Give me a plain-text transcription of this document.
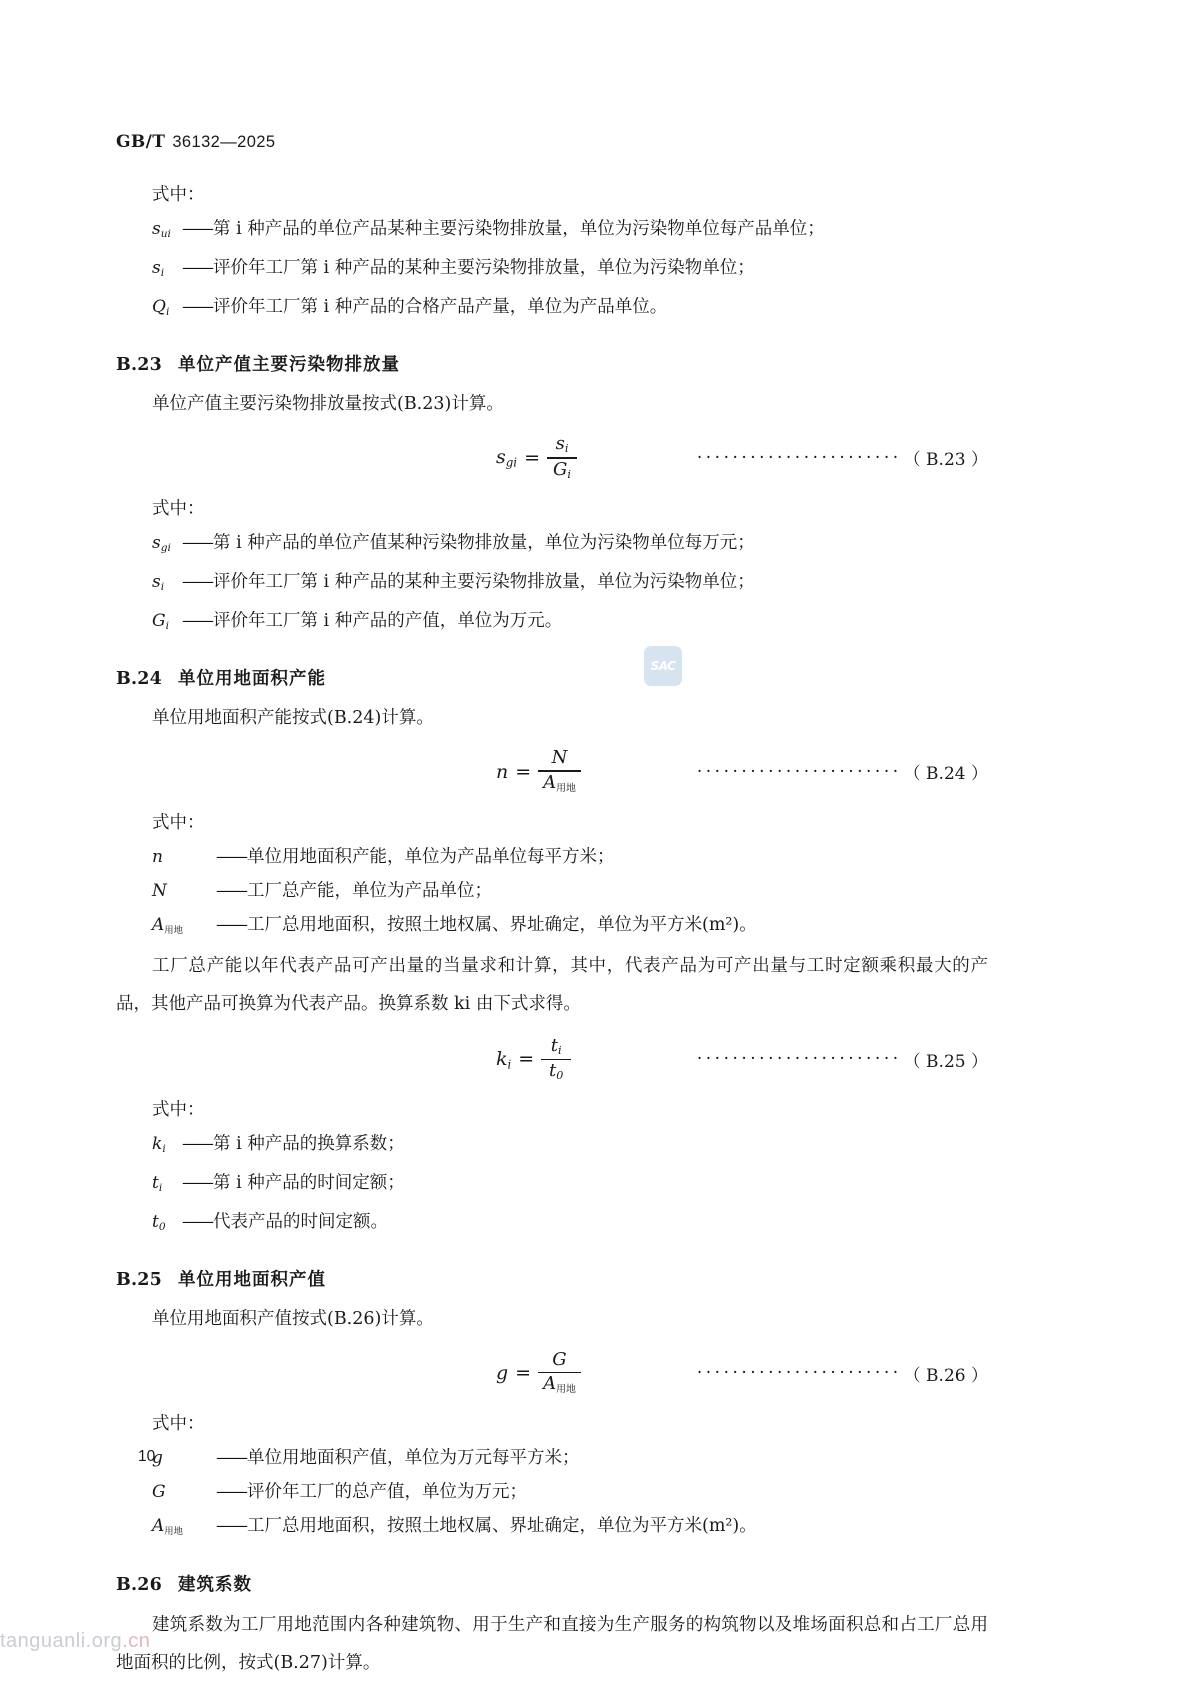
GB/T 36132—2025
SAC

式中：

$s_{ui}$ —— 第 i 种产品的单位产品某种主要污染物排放量，单位为污染物单位每产品单位；
$s_i$	—— 评价年工厂第 i 种产品的某种主要污染物排放量，单位为污染物单位；
$Q_i$ —— 评价年工厂第 i 种产品的合格产品产量，单位为产品单位。
B.23 单位产值主要污染物排放量

单位产值主要污染物排放量按式(B.23)计算。

$s_{gi} = \frac{s_i}{G_i}$	······················· （ B.23 ）

式中：

$s_{gi}$ —— 第 i 种产品的单位产值某种污染物排放量，单位为污染物单位每万元；
$s_i$	—— 评价年工厂第 i 种产品的某种主要污染物排放量，单位为污染物单位；
$G_i$ —— 评价年工厂第 i 种产品的产值，单位为万元。
B.24 单位用地面积产能

单位用地面积产能按式(B.24)计算。

$n = \frac{N}{A_{用地}}$	······················· （ B.24 ）

式中：

n	—— 单位用地面积产能，单位为产品单位每平方米；
N	—— 工厂总产能，单位为产品单位；
$A_{用地}$	—— 工厂总用地面积，按照土地权属、界址确定，单位为平方米(m²)。

工厂总产能以年代表产品可产出量的当量求和计算，其中，代表产品为可产出量与工时定额乘积最大的产品，其他产品可换算为代表产品。换算系数 ki 由下式求得。

$k_i = \frac{t_i}{t_0}$	······················· （ B.25 ）

式中：

$k_i$ —— 第 i 种产品的换算系数；
$t_i$	—— 第 i 种产品的时间定额；
$t_0$ —— 代表产品的时间定额。
B.25 单位用地面积产值

单位用地面积产值按式(B.26)计算。

$g = \frac{G}{A_{用地}}$	······················· （ B.26 ）

式中：

g	—— 单位用地面积产值，单位为万元每平方米；
G	—— 评价年工厂的总产值，单位为万元；
$A_{用地}$	—— 工厂总用地面积，按照土地权属、界址确定，单位为平方米(m²)。
B.26 建筑系数

建筑系数为工厂用地范围内各种建筑物、用于生产和直接为生产服务的构筑物以及堆场面积总和占工厂总用地面积的比例，按式(B.27)计算。

10
tanguanli.org.cn
